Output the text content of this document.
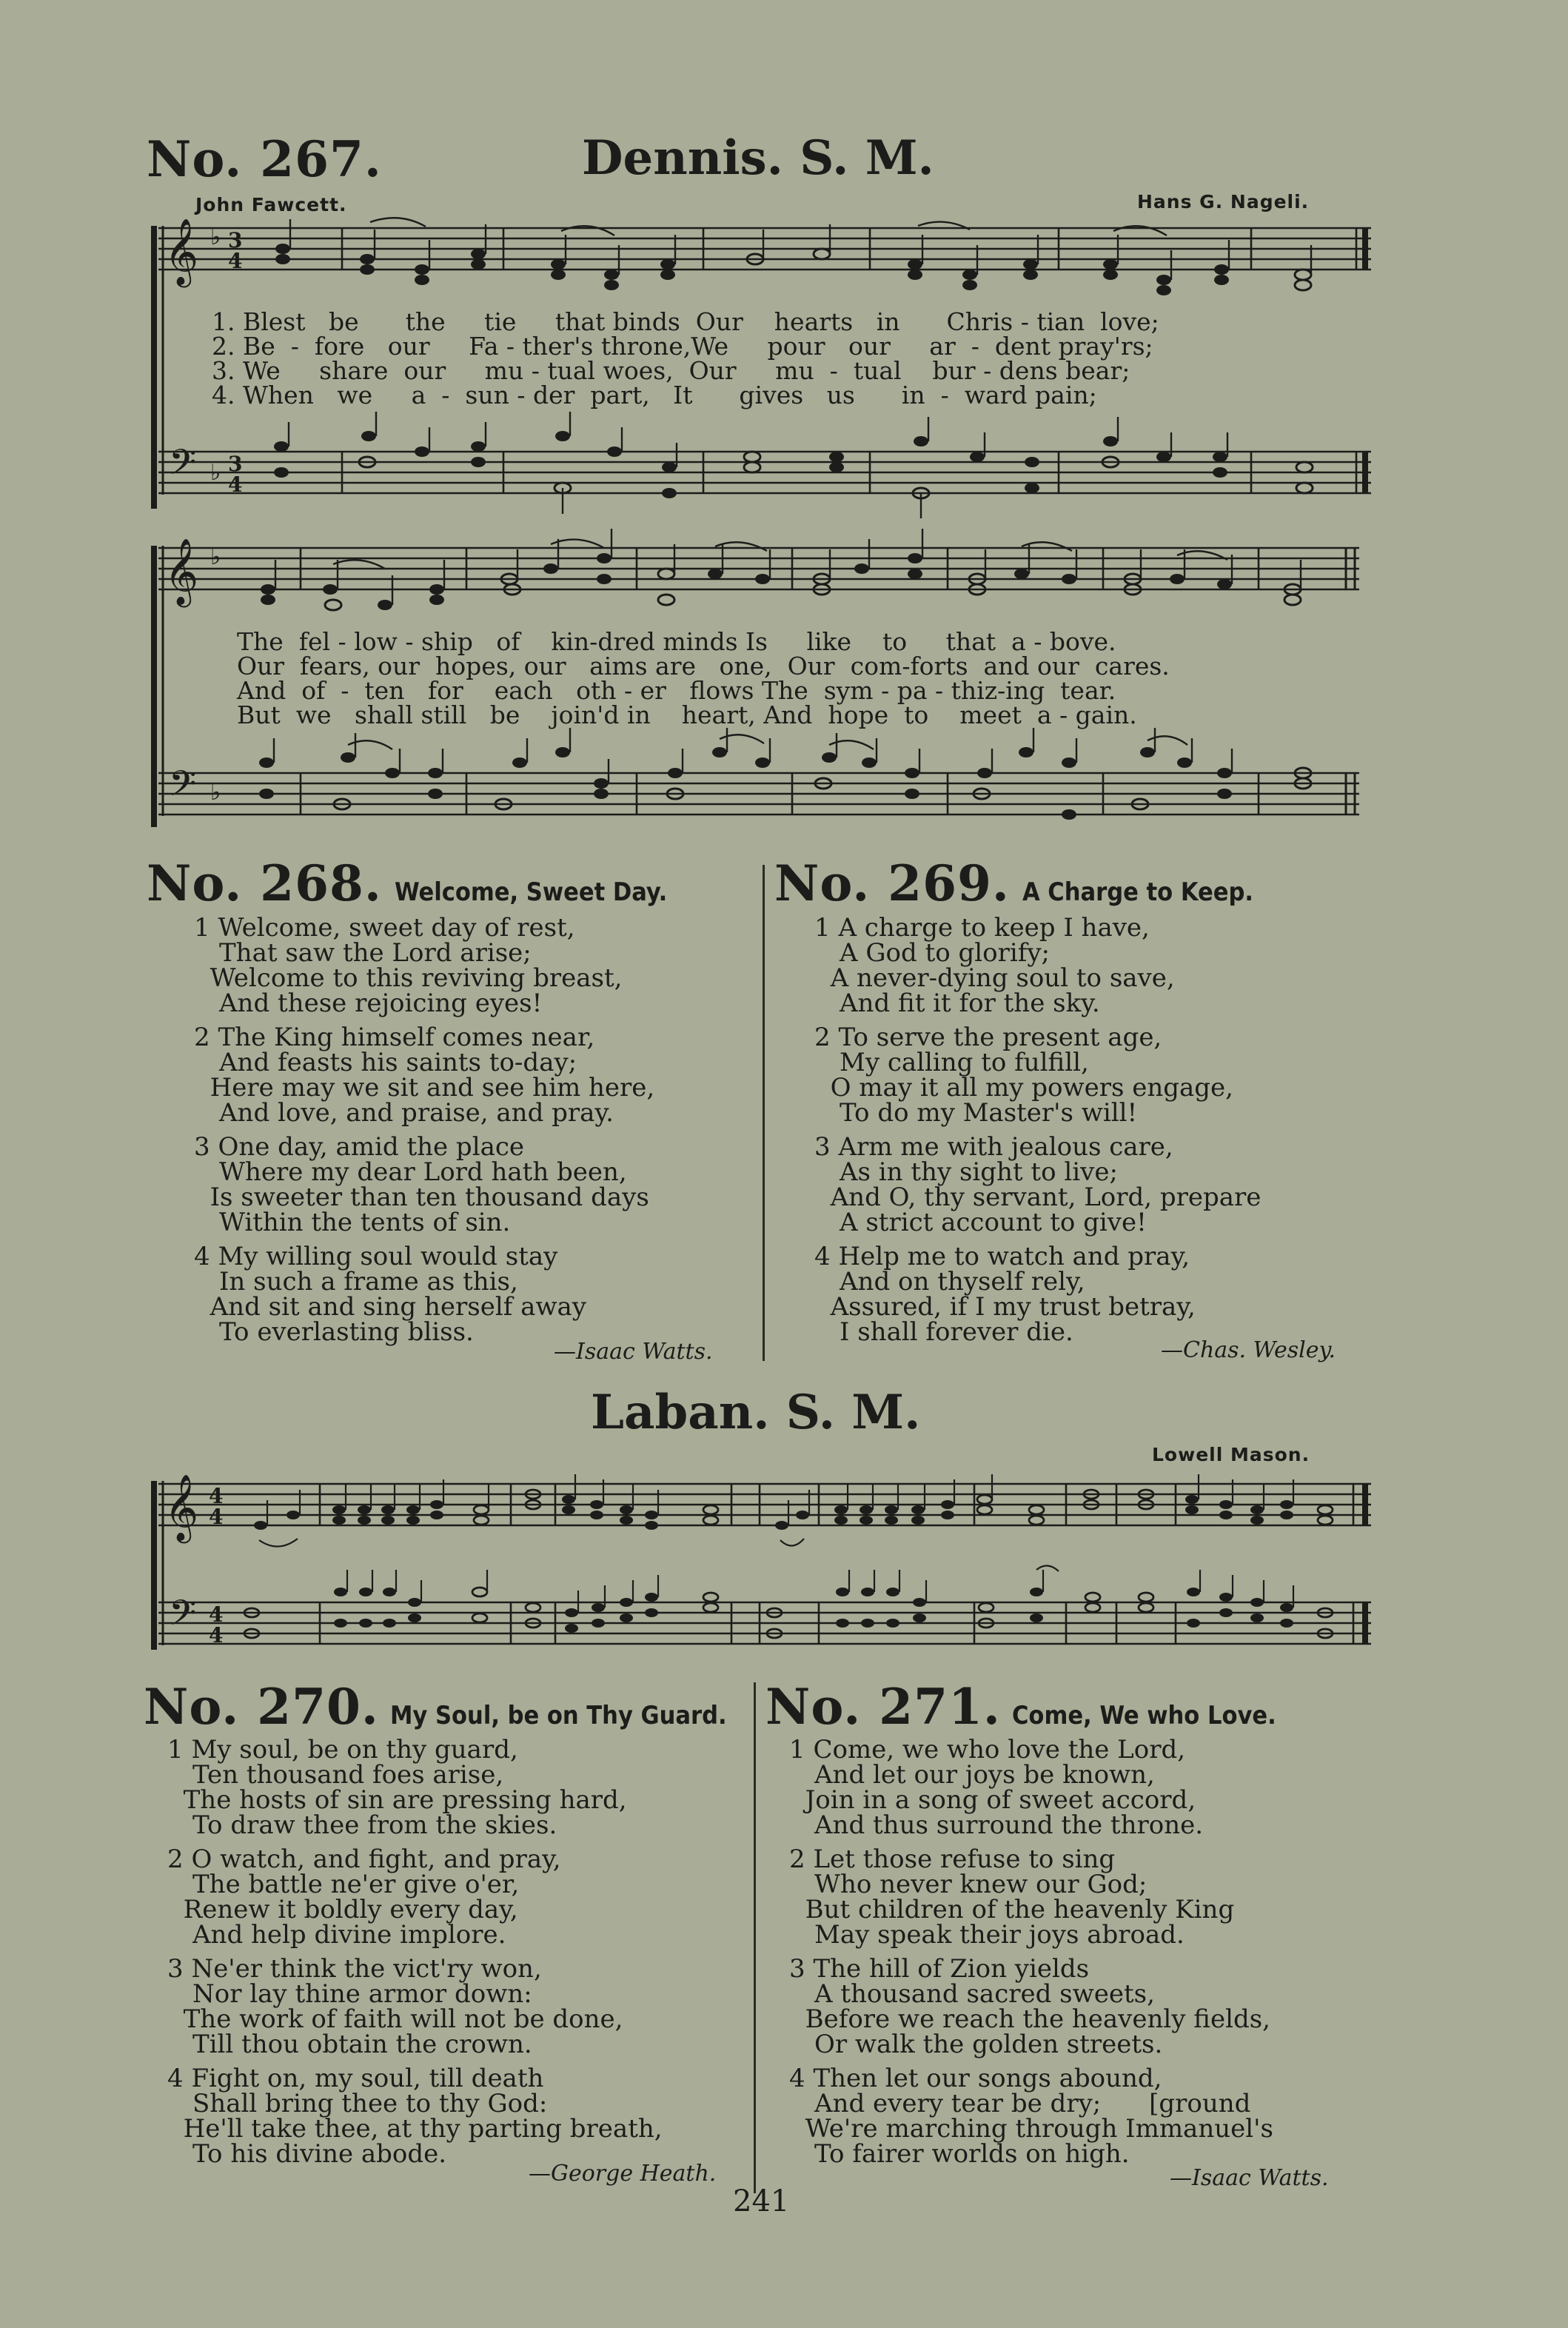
No. 267.	Dennis. S. M.
John Fawcett.	Hans G. Nageli.
𝄞
𝄢
𝄞
𝄢
♭
♭
♭
♭
3
4
3
4
1. Blest   be      the     tie     that binds  Our    hearts   in      Chris - tian  love;
2. Be  -  fore   our     Fa - ther's throne,We     pour   our     ar  -  dent pray'rs;
3. We     share  our     mu - tual woes,  Our     mu  -  tual    bur - dens bear;
4. When   we     a  -  sun - der  part,   It      gives   us      in  -  ward pain;
The  fel - low - ship   of    kin-dred minds Is     like    to     that  a - bove.
Our  fears, our  hopes, our   aims are   one,  Our  com-forts  and our  cares.
And  of  -  ten   for    each   oth - er   flows The  sym - pa - thiz-ing  tear.
But  we   shall still   be    join'd in    heart, And  hope  to    meet  a - gain.
No. 268. Welcome, Sweet Day.
1 Welcome, sweet day of rest,
That saw the Lord arise;
Welcome to this reviving breast,
And these rejoicing eyes!
2 The King himself comes near,
And feasts his saints to-day;
Here may we sit and see him here,
And love, and praise, and pray.
3 One day, amid the place
Where my dear Lord hath been,
Is sweeter than ten thousand days
Within the tents of sin.
4 My willing soul would stay
In such a frame as this,
And sit and sing herself away
To everlasting bliss.
—Isaac Watts.
No. 269. A Charge to Keep.
1 A charge to keep I have,
A God to glorify;
A never-dying soul to save,
And fit it for the sky.
2 To serve the present age,
My calling to fulfill,
O may it all my powers engage,
To do my Master's will!
3 Arm me with jealous care,
As in thy sight to live;
And O, thy servant, Lord, prepare
A strict account to give!
4 Help me to watch and pray,
And on thyself rely,
Assured, if I my trust betray,
I shall forever die.
—Chas. Wesley.
Laban. S. M.
Lowell Mason.
𝄞
𝄢
4
4
4
4
No. 270. My Soul, be on Thy Guard.
1 My soul, be on thy guard,
Ten thousand foes arise,
The hosts of sin are pressing hard,
To draw thee from the skies.
2 O watch, and fight, and pray,
The battle ne'er give o'er,
Renew it boldly every day,
And help divine implore.
3 Ne'er think the vict'ry won,
Nor lay thine armor down:
The work of faith will not be done,
Till thou obtain the crown.
4 Fight on, my soul, till death
Shall bring thee to thy God:
He'll take thee, at thy parting breath,
To his divine abode.
—George Heath.
No. 271. Come, We who Love.
1 Come, we who love the Lord,
And let our joys be known,
Join in a song of sweet accord,
And thus surround the throne.
2 Let those refuse to sing
Who never knew our God;
But children of the heavenly King
May speak their joys abroad.
3 The hill of Zion yields
A thousand sacred sweets,
Before we reach the heavenly fields,
Or walk the golden streets.
4 Then let our songs abound,
And every tear be dry;      [ground
We're marching through Immanuel's
To fairer worlds on high.
—Isaac Watts.
241
